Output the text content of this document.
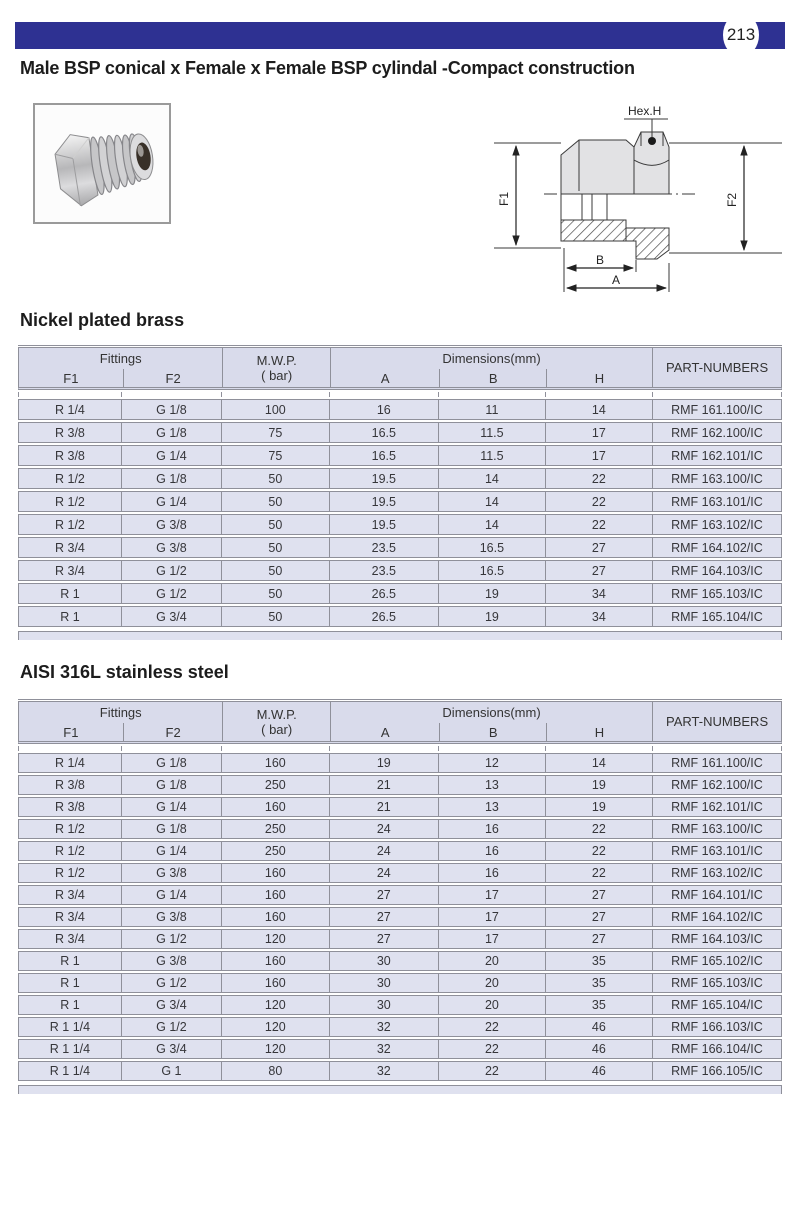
213
Male BSP conical x Female x Female BSP cylindal -Compact construction
Hex.H
F1	F2
B
A
Nickel plated brass
Fittings
F1	F2
M.W.P.
( bar)
Dimensions(mm)
A	B	H
PART-NUMBERS

R 1/4	G 1/8	100	16	11	14	RMF 161.100/IC
R 3/8	G 1/8	75	16.5	11.5	17	RMF 162.100/IC
R 3/8	G 1/4	75	16.5	11.5	17	RMF 162.101/IC
R 1/2	G 1/8	50	19.5	14	22	RMF 163.100/IC
R 1/2	G 1/4	50	19.5	14	22	RMF 163.101/IC
R 1/2	G 3/8	50	19.5	14	22	RMF 163.102/IC
R 3/4	G 3/8	50	23.5	16.5	27	RMF 164.102/IC
R 3/4	G 1/2	50	23.5	16.5	27	RMF 164.103/IC
R 1	G 1/2	50	26.5	19	34	RMF 165.103/IC
R 1	G 3/4	50	26.5	19	34	RMF 165.104/IC
AISI 316L stainless steel
Fittings
F1	F2
M.W.P.
( bar)
Dimensions(mm)
A	B	H
PART-NUMBERS

R 1/4	G 1/8	160	19	12	14	RMF 161.100/IC
R 3/8	G 1/8	250	21	13	19	RMF 162.100/IC
R 3/8	G 1/4	160	21	13	19	RMF 162.101/IC
R 1/2	G 1/8	250	24	16	22	RMF 163.100/IC
R 1/2	G 1/4	250	24	16	22	RMF 163.101/IC
R 1/2	G 3/8	160	24	16	22	RMF 163.102/IC
R 3/4	G 1/4	160	27	17	27	RMF 164.101/IC
R 3/4	G 3/8	160	27	17	27	RMF 164.102/IC
R 3/4	G 1/2	120	27	17	27	RMF 164.103/IC
R 1	G 3/8	160	30	20	35	RMF 165.102/IC
R 1	G 1/2	160	30	20	35	RMF 165.103/IC
R 1	G 3/4	120	30	20	35	RMF 165.104/IC
R 1 1/4	G 1/2	120	32	22	46	RMF 166.103/IC
R 1 1/4	G 3/4	120	32	22	46	RMF 166.104/IC
R 1 1/4	G 1	80	32	22	46	RMF 166.105/IC
